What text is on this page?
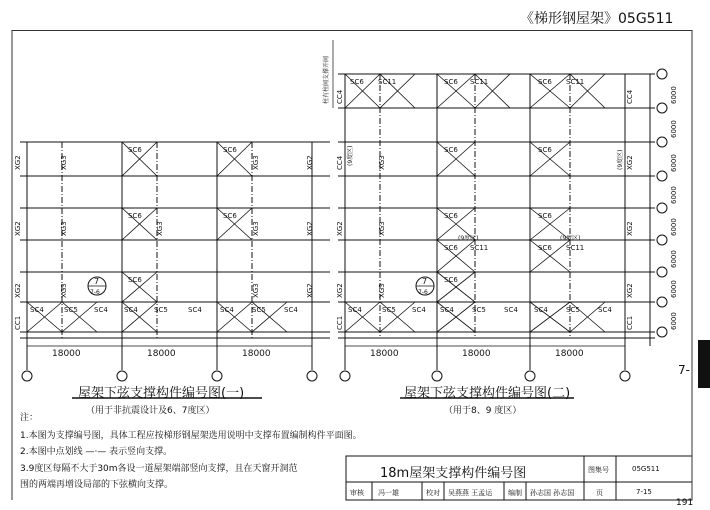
《梯形钢屋架》05G511
18000	18000	18000
7
7-6
XG2	XG3
XG2	XG3
XG2	XG3
CC1
XG2
XG2
XG2
XG3
XG3
XG3
XG3
SC6	SC6
SC6	SC6
SC6
SC4	SC5 SC4 SC4 SC5	SC4	SC4	SC5	SC4
18000	18000	18000
7
7-6
(9度区)	(9度区)
柱有柱间支撑开间 CC4
CC4 (9度区)
CC1
XG3
XG2	XG3
XG2	XG3
XG2
XG2
XG2
CC4
(9度区)
CC1
6000
6000
6000
6000
6000
6000
6000
6000
SC6 SC11	SC6 SC11	SC6 SC11
SC6	SC6
SC6	SC6
SC6 SC11	SC6 SC11
SC6
SC4	SC5 SC4 SC4	SC5	SC4 SC4	SC5	SC4
屋架下弦支撑构件编号图(一)
（用于非抗震设计及6、7度区）
屋架下弦支撑构件编号图(二)
（用于8、9 度区）
注：
1.本图为支撑编号图，具体工程应按梯形钢屋架选用说明中支撑布置编制构件平面图。
2.本图中点划线 —·— 表示竖向支撑。
3.9度区每隔不大于30m各设一道屋架端部竖向支撑，且在天窗开洞范
围的两端再增设局部的下弦横向支撑。
18m屋架支撑构件编号图	图集号	05G511
审核 冯一雄	校对 吴燕燕 王孟运 编制 孙志国 孙志国	页	7-15
191
7-
